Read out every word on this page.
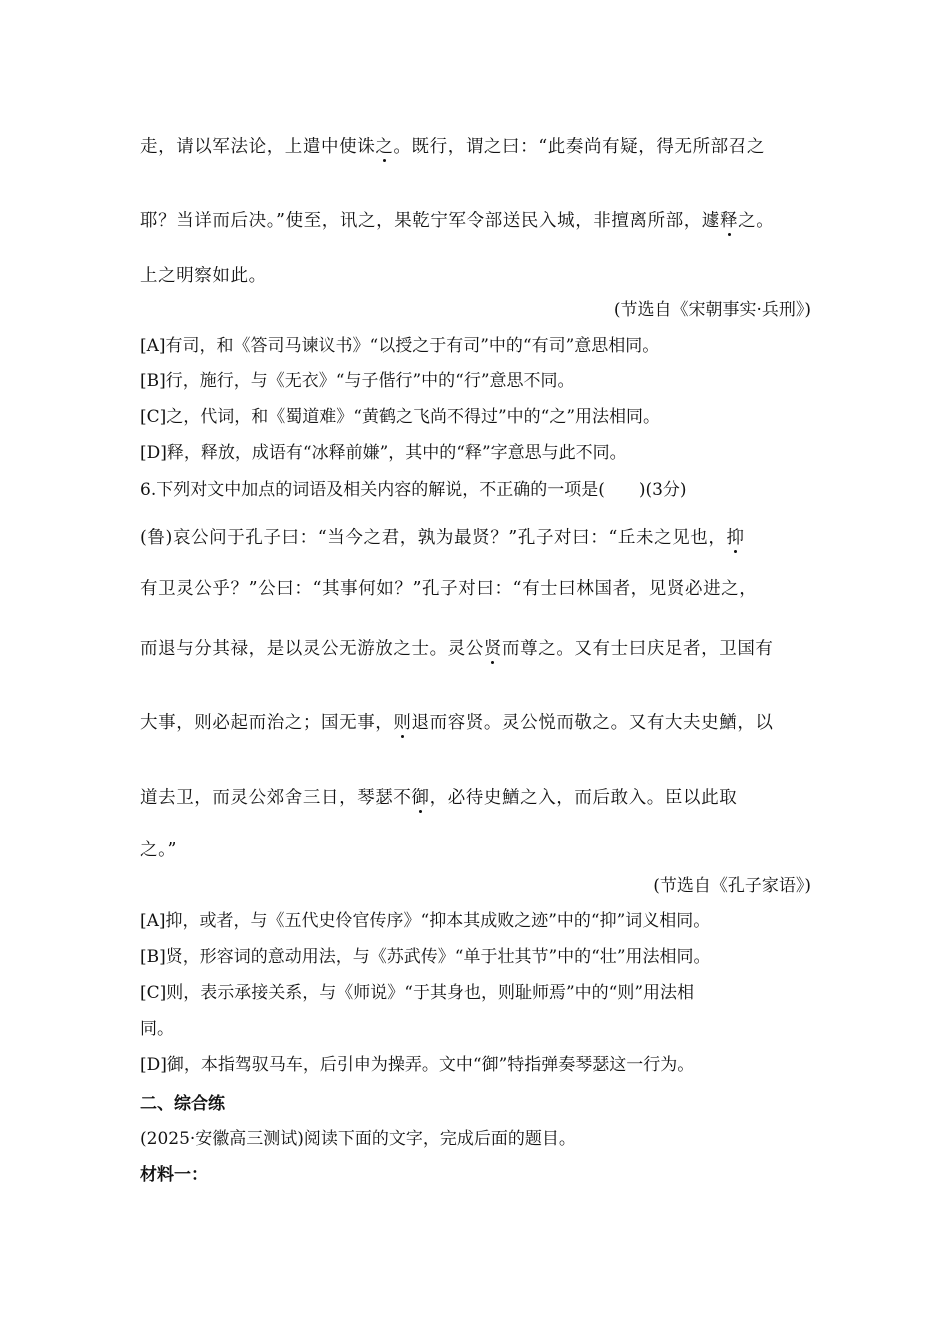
走，请以军法论，上遣中使诛之。既行，谓之曰：“此奏尚有疑，得无所部召之
耶？当详而后决。”使至，讯之，果乾宁军令部送民入城，非擅离所部，遽释之。
上之明察如此。
(节选自《宋朝事实·兵刑》)
[A]有司，和《答司马谏议书》“以授之于有司”中的“有司”意思相同。
[B]行，施行，与《无衣》“与子偕行”中的“行”意思不同。
[C]之，代词，和《蜀道难》“黄鹤之飞尚不得过”中的“之”用法相同。
[D]释，释放，成语有“冰释前嫌”，其中的“释”字意思与此不同。
6.下列对文中加点的词语及相关内容的解说，不正确的一项是(　　)(3分)
(鲁)哀公问于孔子曰：“当今之君，孰为最贤？”孔子对曰：“丘未之见也，抑
有卫灵公乎？”公曰：“其事何如？”孔子对曰：“有士曰林国者，见贤必进之，
而退与分其禄，是以灵公无游放之士。灵公贤而尊之。又有士曰庆足者，卫国有
大事，则必起而治之；国无事，则退而容贤。灵公悦而敬之。又有大夫史鰌，以
道去卫，而灵公郊舍三日，琴瑟不御，必待史鰌之入，而后敢入。臣以此取
之。”
(节选自《孔子家语》)
[A]抑，或者，与《五代史伶官传序》“抑本其成败之迹”中的“抑”词义相同。
[B]贤，形容词的意动用法，与《苏武传》“单于壮其节”中的“壮”用法相同。
[C]则，表示承接关系，与《师说》“于其身也，则耻师焉”中的“则”用法相
同。
[D]御，本指驾驭马车，后引申为操弄。文中“御”特指弹奏琴瑟这一行为。
二、综合练
(2025·安徽高三测试)阅读下面的文字，完成后面的题目。
材料一：
